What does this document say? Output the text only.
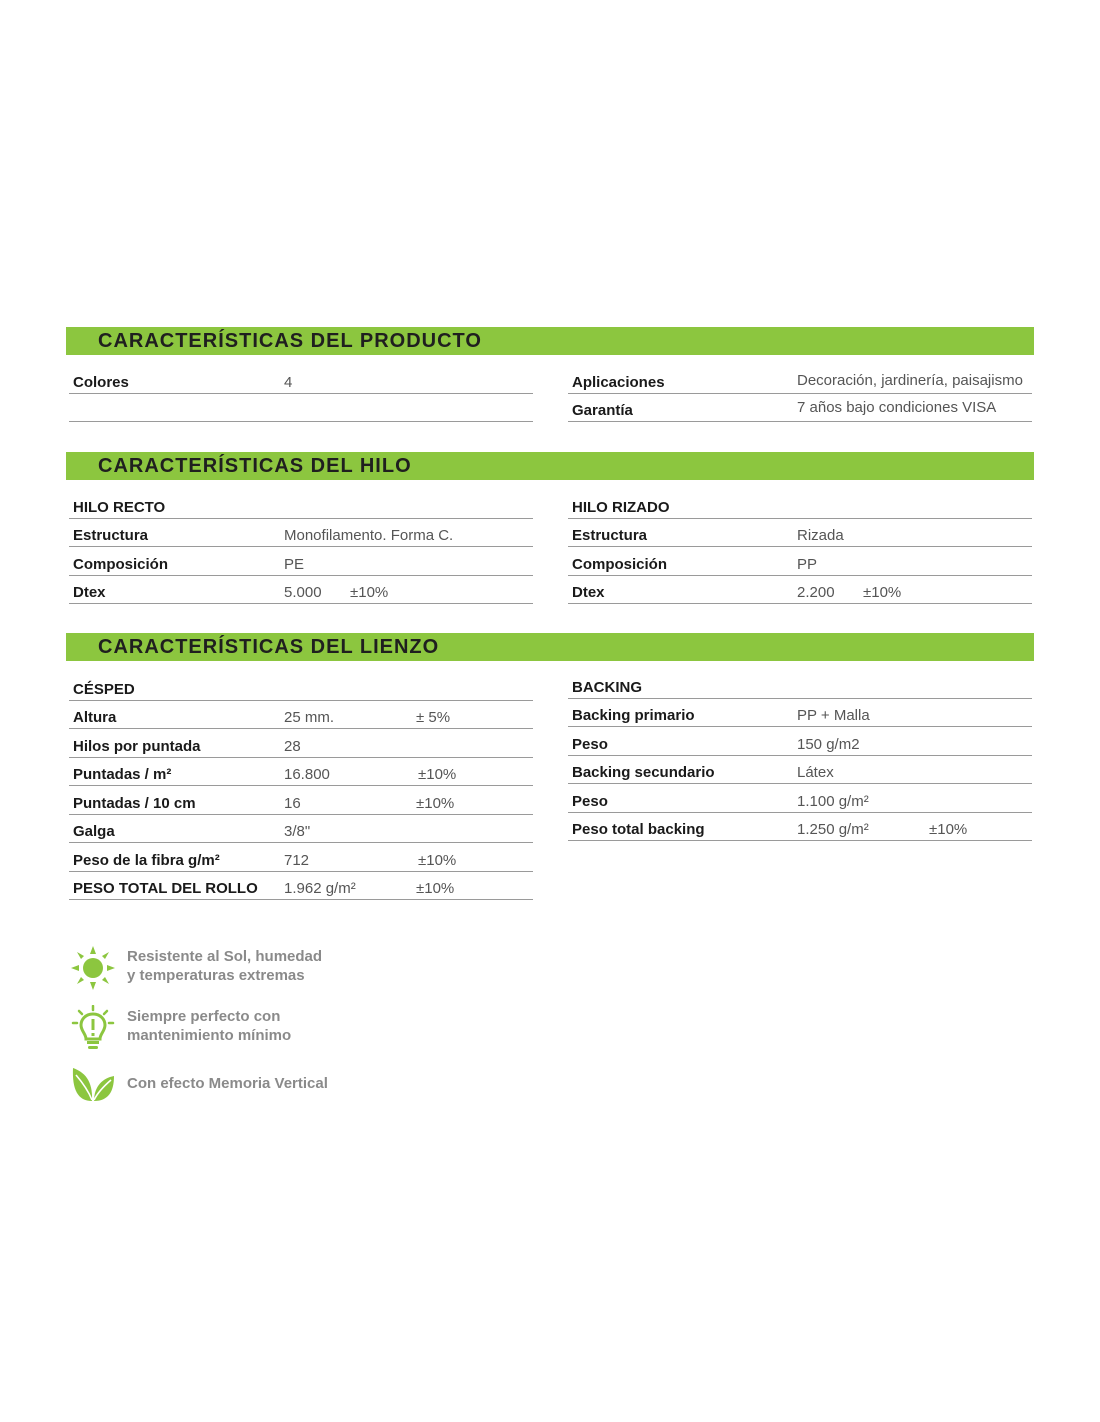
CARACTERÍSTICAS DEL PRODUCTO
Colores	4	Aplicaciones	Decoración, jardinería, paisajismo
Garantía	7 años bajo condiciones VISA
CARACTERÍSTICAS DEL HILO
HILO RECTO
Estructura	Monofilamento. Forma C.
Composición	PE
Dtex	5.000 ±10%
HILO RIZADO
Estructura	Rizada
Composición	PP
Dtex	2.200 ±10%
CARACTERÍSTICAS DEL LIENZO
CÉSPED
Altura	25 mm.	± 5%
Hilos por puntada	28
Puntadas / m²	16.800	±10%
Puntadas / 10 cm	16	±10%
Galga	3/8"
Peso de la fibra g/m²	712	±10%
PESO TOTAL DEL ROLLO 1.962 g/m²	±10%
BACKING
Backing primario	PP + Malla
Peso	150 g/m2
Backing secundario	Látex
Peso	1.100 g/m²
Peso total backing	1.250 g/m²	±10%
Resistente al Sol, humedad
y temperaturas extremas
Siempre perfecto con
mantenimiento mínimo
Con efecto Memoria Vertical
